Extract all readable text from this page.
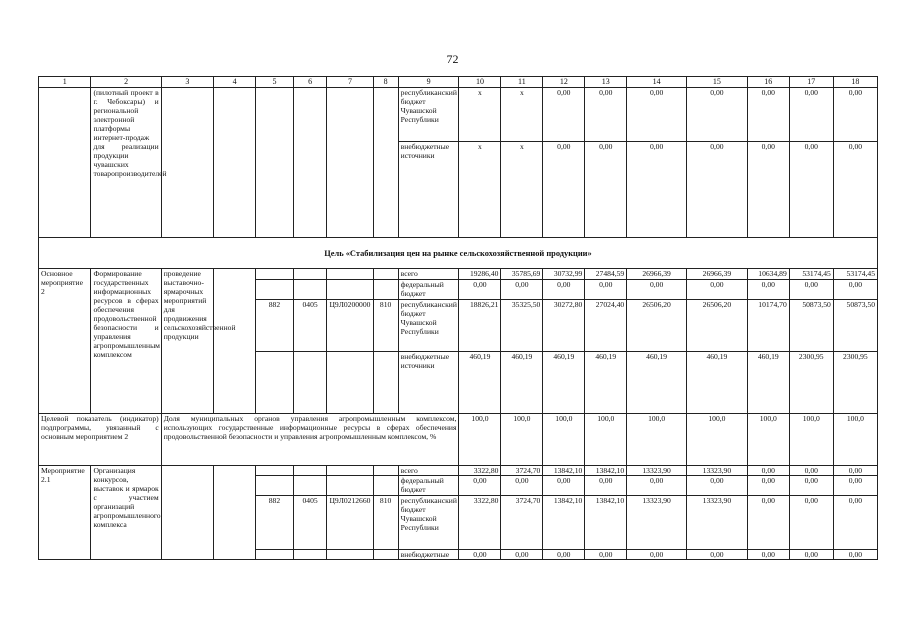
72
1	2	3	4	5	6	7	8	9	10	11	12	13	14	15	16	17	18
	(пилотный проект в г. Чебоксары) и региональной электронной платформы интернет-продаж для реализации продукции чувашских товаропроизводителей							республиканский бюджет Чувашской Республики	x	x	0,00	0,00	0,00	0,00	0,00	0,00	0,00
								внебюджетные источники	x	x	0,00	0,00	0,00	0,00	0,00	0,00	0,00
Цель «Стабилизация цен на рынке сельскохозяйственной продукции»																	
Основное мероприятие 2	Формирование государственных информационных ресурсов в сферах обеспечения продовольственной безопасности и управления агропромышленным комплексом	проведение выставочно-ярмарочных мероприятий для продвижения сельскохозяйственной продукции						всего	19286,40	35785,69	30732,99	27484,59	26966,39	26966,39	10634,89	53174,45	53174,45
								федеральный бюджет	0,00	0,00	0,00	0,00	0,00	0,00	0,00	0,00	0,00
				882	0405	Ц9Л0200000	810	республиканский бюджет Чувашской Республики	18826,21	35325,50	30272,80	27024,40	26506,20	26506,20	10174,70	50873,50	50873,50
								внебюджетные источники	460,19	460,19	460,19	460,19	460,19	460,19	460,19	2300,95	2300,95
Целевой показатель (индикатор) подпрограммы, увязанный с основным мероприятием 2		Доля муниципальных органов управления агропромышленным комплексом, использующих государственные информационные ресурсы в сферах обеспечения продовольственной безопасности и управления агропромышленным комплексом, %							100,0	100,0	100,0	100,0	100,0	100,0	100,0	100,0	100,0
Мероприятие 2.1	Организация конкурсов, выставок и ярмарок с участием организаций агропромышленного комплекса							всего	3322,80	3724,70	13842,10	13842,10	13323,90	13323,90	0,00	0,00	0,00
								федеральный бюджет	0,00	0,00	0,00	0,00	0,00	0,00	0,00	0,00	0,00
				882	0405	Ц9Л0212660	810	республиканский бюджет Чувашской Республики	3322,80	3724,70	13842,10	13842,10	13323,90	13323,90	0,00	0,00	0,00
								внебюджетные	0,00	0,00	0,00	0,00	0,00	0,00	0,00	0,00	0,00
